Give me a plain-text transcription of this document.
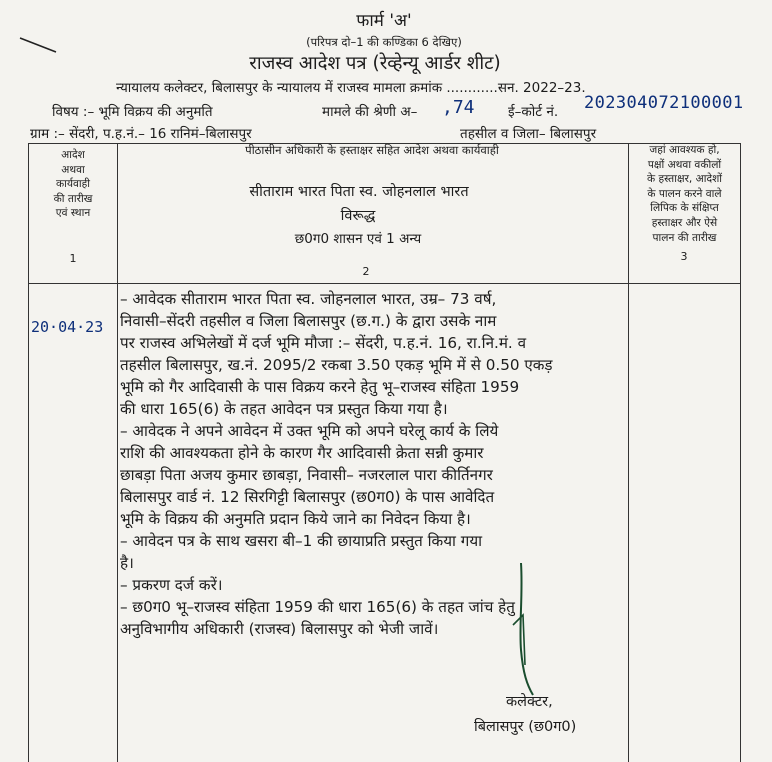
फार्म 'अ'
(परिपत्र दो–1 की कण्डिका 6 देखिए)
राजस्व आदेश पत्र (रेव्हेन्यू आर्डर शीट)
न्यायालय कलेक्टर, बिलासपुर के न्यायालय में राजस्व मामला क्रमांक ............सन. 2022–23.
विषय :– भूमि विक्रय की अनुमति	मामले की श्रेणी अ– ,74 ई–कोर्ट नं. 202304072100001
ग्राम :– सेंदरी, प.ह.नं.– 16 रानिमं–बिलासपुर	तहसील व जिला– बिलासपुर
आदेश
अथवा
कार्यवाही
की तारीख
एवं स्थान
1
पीठासीन अधिकारी के हस्ताक्षर सहित आदेश अथवा कार्यवाही
सीताराम भारत पिता स्व. जोहनलाल भारत
विरूद्ध
छ0ग0 शासन एवं 1 अन्य
2
जहां आवश्यक हो,
पक्षों अथवा वकीलों
के हस्ताक्षर, आदेशों
के पालन करने वाले
लिपिक के संक्षिप्त
हस्ताक्षर और ऐसे
पालन की तारीख
3
20·04·23
– आवेदक सीताराम भारत पिता स्व. जोहनलाल भारत, उम्र– 73 वर्ष,
निवासी–सेंदरी तहसील व जिला बिलासपुर (छ.ग.) के द्वारा उसके नाम
पर राजस्व अभिलेखों में दर्ज भूमि मौजा :– सेंदरी, प.ह.नं. 16, रा.नि.मं. व
तहसील बिलासपुर, ख.नं. 2095/2 रकबा 3.50 एकड़ भूमि में से 0.50 एकड़
भूमि को गैर आदिवासी के पास विक्रय करने हेतु भू–राजस्व संहिता 1959
की धारा 165(6) के तहत आवेदन पत्र प्रस्तुत किया गया है।
– आवेदक ने अपने आवेदन में उक्त भूमि को अपने घरेलू कार्य के लिये
राशि की आवश्यकता होने के कारण गैर आदिवासी क्रेता सन्नी कुमार
छाबड़ा पिता अजय कुमार छाबड़ा, निवासी– नजरलाल पारा कीर्तिनगर
बिलासपुर वार्ड नं. 12 सिरगिट्टी बिलासपुर (छ0ग0) के पास आवेदित
भूमि के विक्रय की अनुमति प्रदान किये जाने का निवेदन किया है।
– आवेदन पत्र के साथ खसरा बी–1 की छायाप्रति प्रस्तुत किया गया
है।
– प्रकरण दर्ज करें।
– छ0ग0 भू–राजस्व संहिता 1959 की धारा 165(6) के तहत जांच हेतु
अनुविभागीय अधिकारी (राजस्व) बिलासपुर को भेजी जावें।
कलेक्टर,
बिलासपुर (छ0ग0)
